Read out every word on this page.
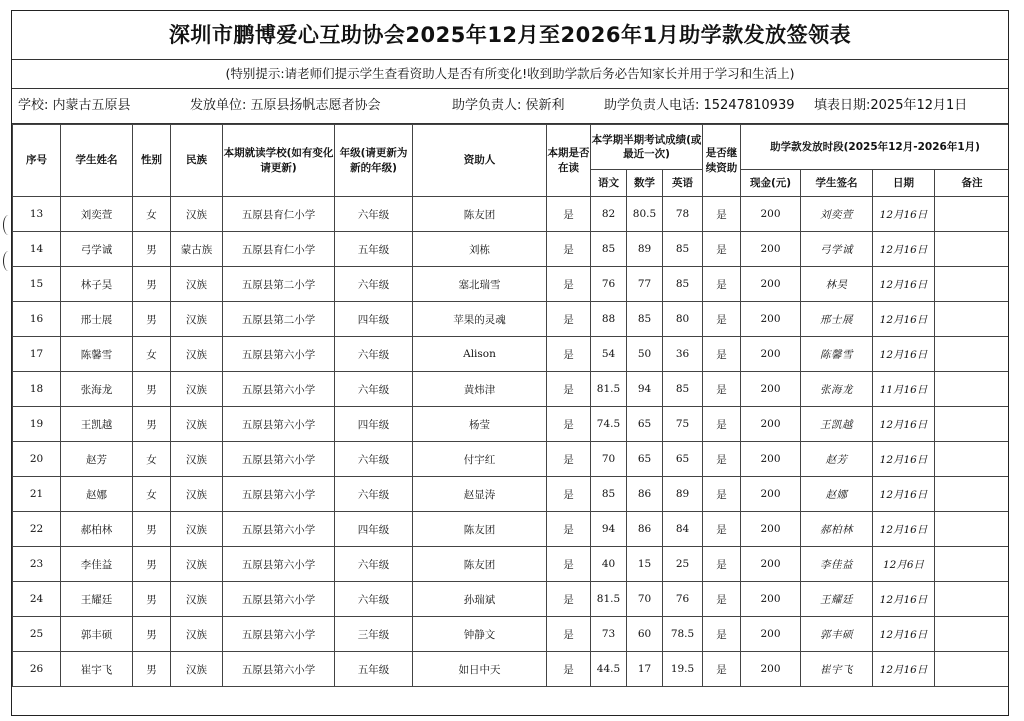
深圳市鹏博爱心互助协会2025年12月至2026年1月助学款发放签领表
(特别提示:请老师们提示学生查看资助人是否有所变化!收到助学款后务必告知家长并用于学习和生活上)
学校: 内蒙古五原县	发放单位: 五原县扬帆志愿者协会	助学负责人: 侯新利	助学负责人电话: 15247810939 填表日期:2025年12月1日
序号	学生姓名	性别	民族	本期就读学校(如有变化请更新)	年级(请更新为新的年级)	资助人	本期是否在读	本学期半期考试成绩(或最近一次)			是否继续资助	助学款发放时段(2025年12月-2026年1月)			
								语文	数学	英语		现金(元)	学生签名	日期	备注
13	刘奕萱	女	汉族	五原县育仁小学	六年级	陈友团	是	82	80.5	78	是	200	刘奕萱	12月16日	
14	弓学诚	男	蒙古族	五原县育仁小学	五年级	刘栋	是	85	89	85	是	200	弓学诚	12月16日	
15	林子昊	男	汉族	五原县第二小学	六年级	塞北瑞雪	是	76	77	85	是	200	林昊	12月16日	
16	邢士展	男	汉族	五原县第二小学	四年级	苹果的灵魂	是	88	85	80	是	200	邢士展	12月16日	
17	陈馨雪	女	汉族	五原县第六小学	六年级	Alison	是	54	50	36	是	200	陈馨雪	12月16日	
18	张海龙	男	汉族	五原县第六小学	六年级	黄炜津	是	81.5	94	85	是	200	张海龙	11月16日	
19	王凯越	男	汉族	五原县第六小学	四年级	杨莹	是	74.5	65	75	是	200	王凯越	12月16日	
20	赵芳	女	汉族	五原县第六小学	六年级	付宇红	是	70	65	65	是	200	赵芳	12月16日	
21	赵娜	女	汉族	五原县第六小学	六年级	赵显涛	是	85	86	89	是	200	赵娜	12月16日	
22	郝柏林	男	汉族	五原县第六小学	四年级	陈友团	是	94	86	84	是	200	郝柏林	12月16日	
23	李佳益	男	汉族	五原县第六小学	六年级	陈友团	是	40	15	25	是	200	李佳益	12月6日	
24	王耀廷	男	汉族	五原县第六小学	六年级	孙瑞斌	是	81.5	70	76	是	200	王耀廷	12月16日	
25	郭丰硕	男	汉族	五原县第六小学	三年级	钟静文	是	73	60	78.5	是	200	郭丰硕	12月16日	
26	崔宇飞	男	汉族	五原县第六小学	五年级	如日中天	是	44.5	17	19.5	是	200	崔宇飞	12月16日	
